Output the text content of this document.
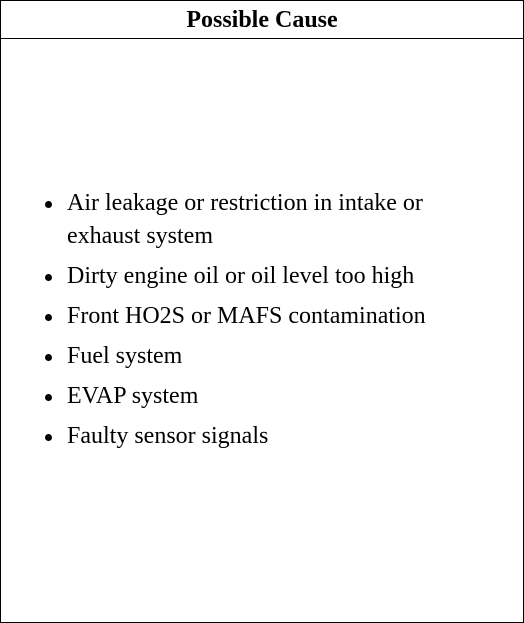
Possible Cause
Air leakage or restriction in intake or exhaust system
Dirty engine oil or oil level too high
Front HO2S or MAFS contamination
Fuel system
EVAP system
Faulty sensor signals
